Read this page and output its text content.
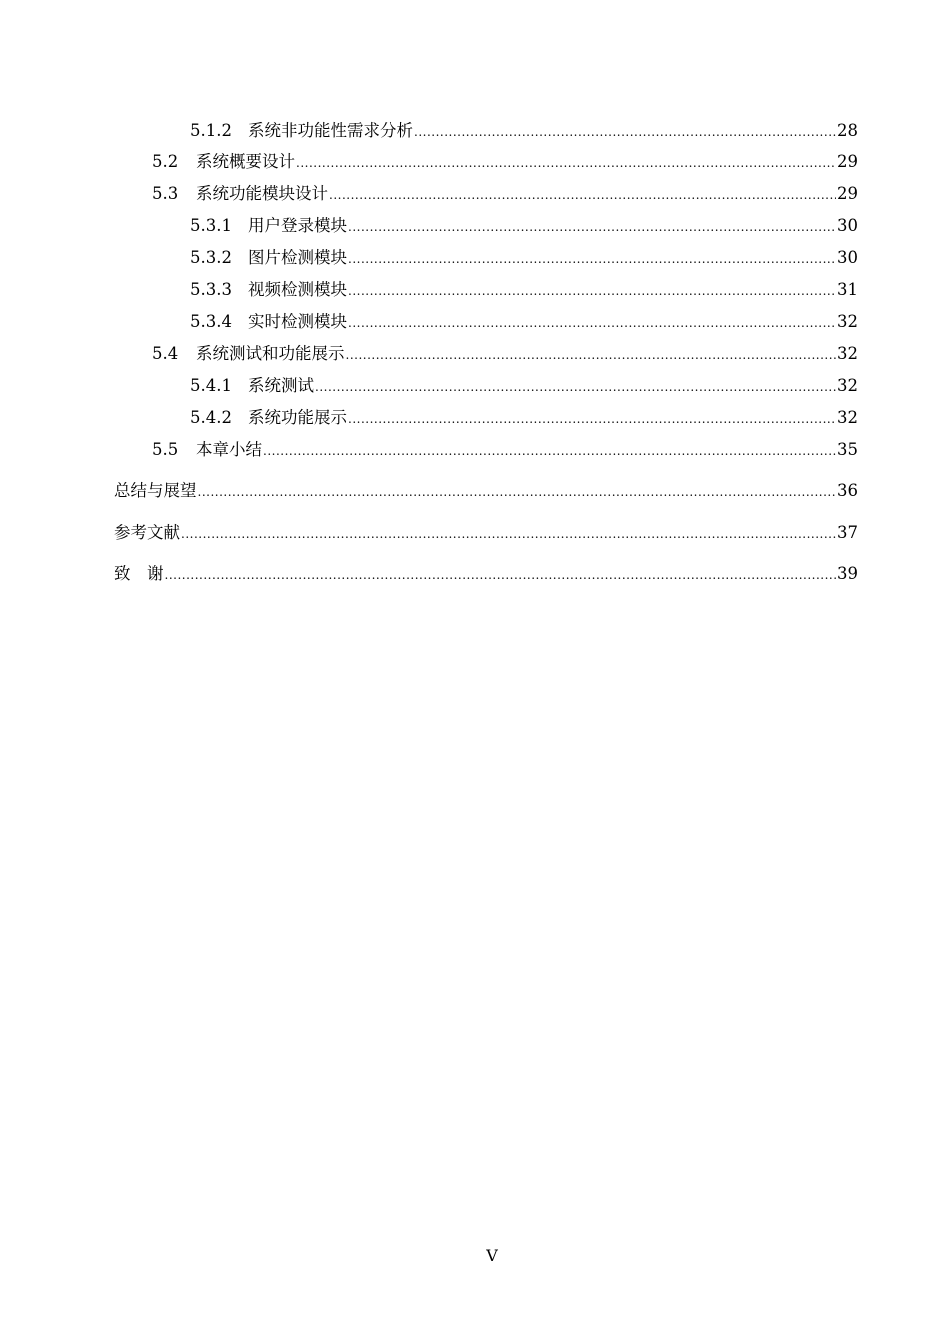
5.1.2 系统非功能性需求分析 .....	28
5.2	系统概要设计 .....	29
5.3	系统功能模块设计 .....	29
5.3.1 用户登录模块 .....	30
5.3.2 图片检测模块 .....	30
5.3.3 视频检测模块 .....	31
5.3.4 实时检测模块 .....	32
5.4	系统测试和功能展示 .....	32
5.4.1 系统测试 .....	32
5.4.2 系统功能展示 .....	32
5.5	本章小结 .....	35
总结与展望 .....	36
参考文献 .....	37
致　谢 .....	39
V
